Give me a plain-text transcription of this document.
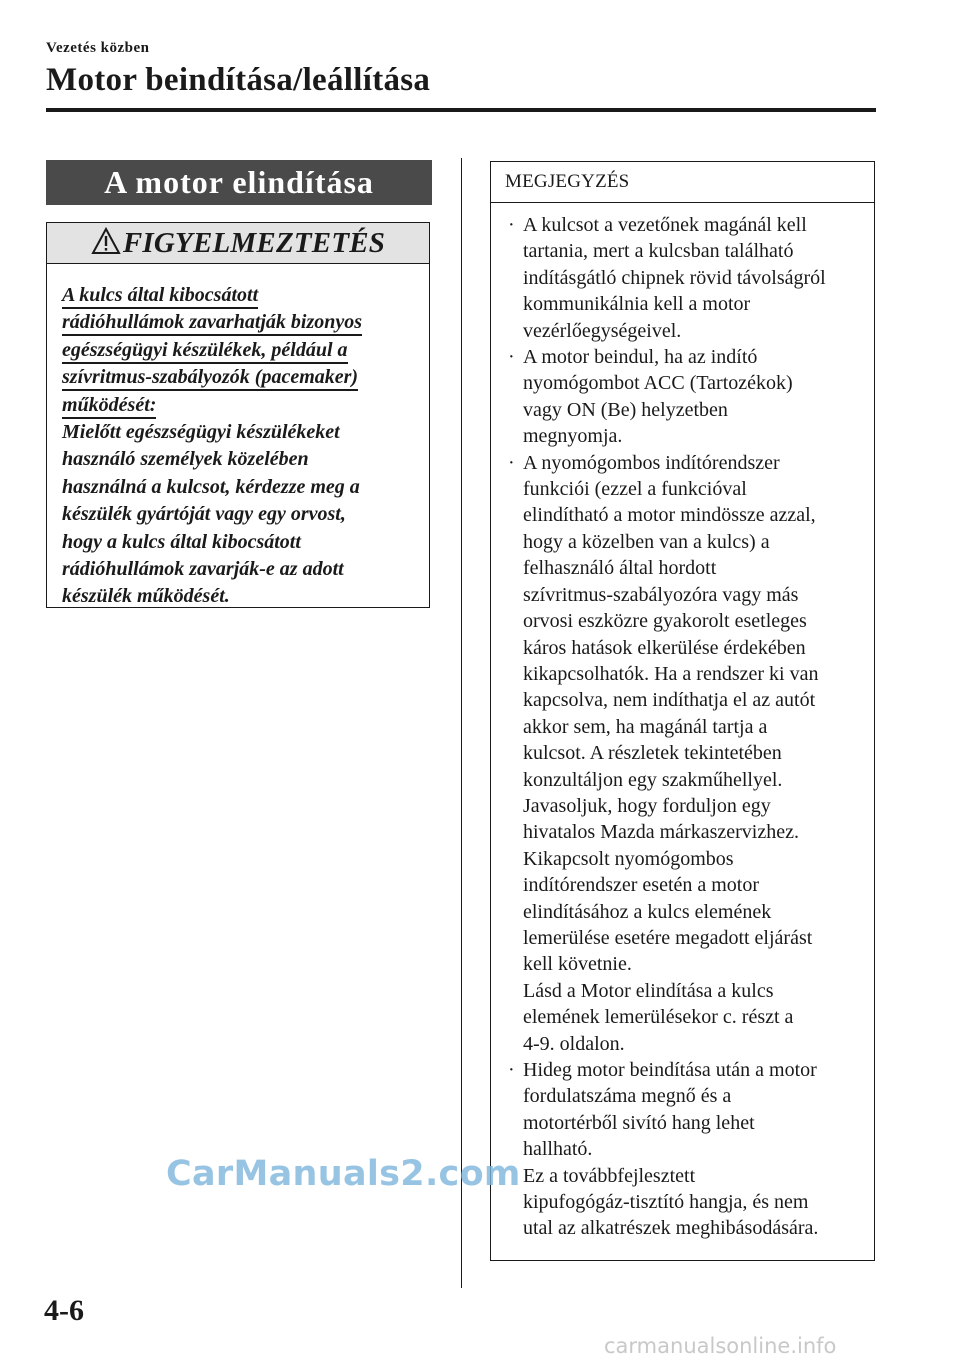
Vezetés közben
Motor beindítása/leállítása
A motor elindítása
FIGYELMEZTETÉS

A kulcs által kibocsátott
rádióhullámok zavarhatják bizonyos
egészségügyi készülékek, például a
szívritmus-szabályozók (pacemaker)
működését:

Mielőtt egészségügyi készülékeket
használó személyek közelében
használná a kulcsot, kérdezze meg a
készülék gyártóját vagy egy orvost,
hogy a kulcs által kibocsátott
rádióhullámok zavarják-e az adott
készülék működését.

MEGJEGYZÉS
· A kulcsot a vezetőnek magánál kell
tartania, mert a kulcsban található
indításgátló chipnek rövid távolságról
kommunikálnia kell a motor
vezérlőegységeivel.
· A motor beindul, ha az indító
nyomógombot ACC (Tartozékok)
vagy ON (Be) helyzetben
megnyomja.
· A nyomógombos indítórendszer
funkciói (ezzel a funkcióval
elindítható a motor mindössze azzal,
hogy a közelben van a kulcs) a
felhasználó által hordott
szívritmus-szabályozóra vagy más
orvosi eszközre gyakorolt esetleges
káros hatások elkerülése érdekében
kikapcsolhatók. Ha a rendszer ki van
kapcsolva, nem indíthatja el az autót
akkor sem, ha magánál tartja a
kulcsot. A részletek tekintetében
konzultáljon egy szakműhellyel.
Javasoljuk, hogy forduljon egy
hivatalos Mazda márkaszervizhez.
Kikapcsolt nyomógombos
indítórendszer esetén a motor
elindításához a kulcs elemének
lemerülése esetére megadott eljárást
kell követnie.
Lásd a Motor elindítása a kulcs
elemének lemerülésekor c. részt a
4-9. oldalon.
· Hideg motor beindítása után a motor
fordulatszáma megnő és a
motortérből sivító hang lehet
hallható.
Ez a továbbfejlesztett
kipufogógáz-tisztító hangja, és nem
utal az alkatrészek meghibásodására.
CarManuals2.com
4-6
carmanualsonline.info
